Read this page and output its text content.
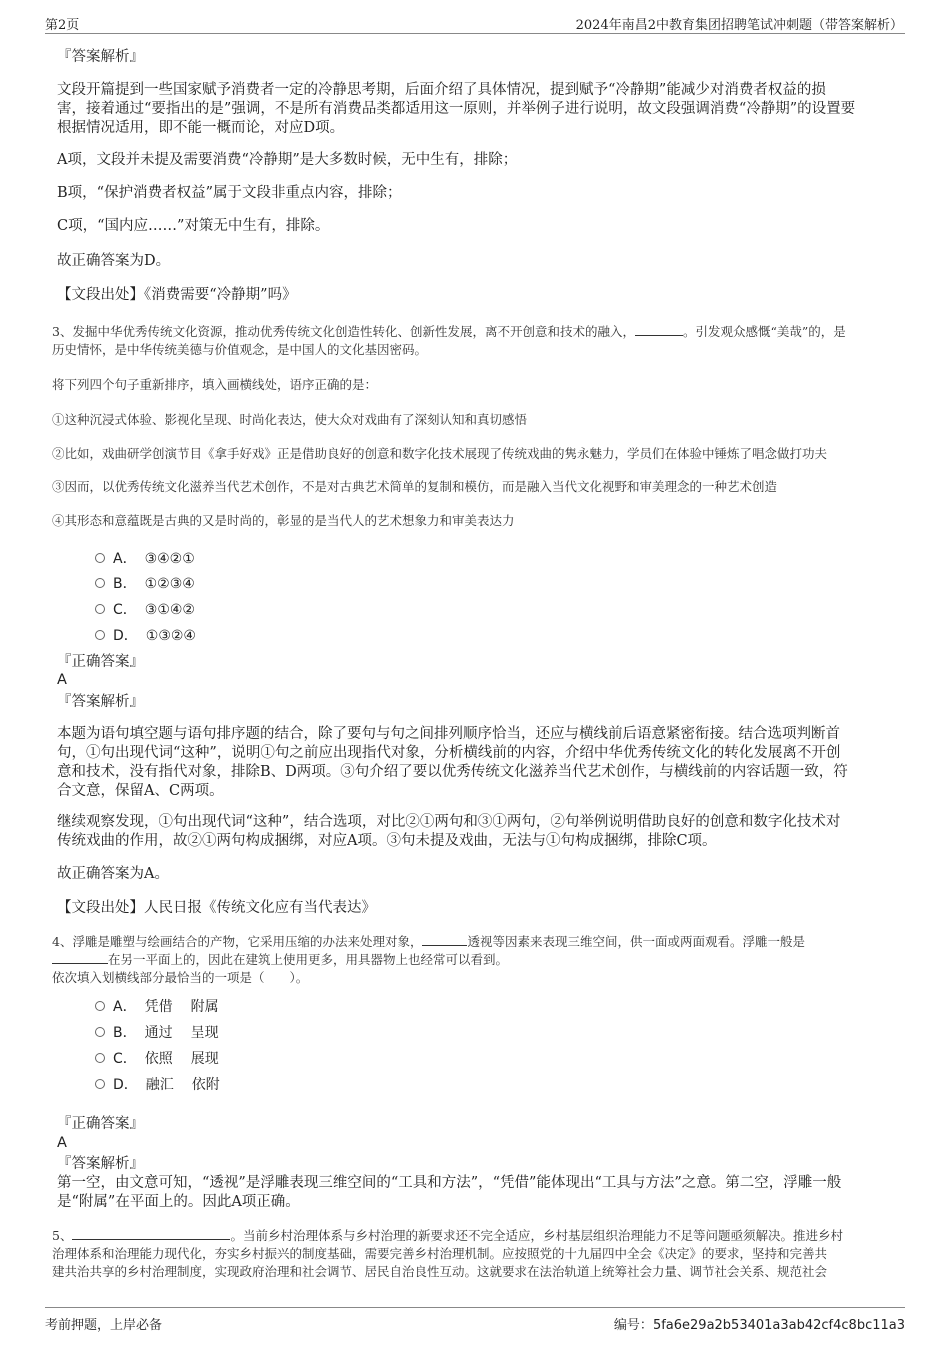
第2页	2024年南昌2中教育集团招聘笔试冲刺题（带答案解析）
『答案解析』
文段开篇提到一些国家赋予消费者一定的冷静思考期，后面介绍了具体情况，提到赋予“冷静期”能减少对消费者权益的损
害，接着通过“要指出的是”强调，不是所有消费品类都适用这一原则，并举例子进行说明，故文段强调消费“冷静期”的设置要
根据情况适用，即不能一概而论，对应D项。
A项，文段并未提及需要消费“冷静期”是大多数时候，无中生有，排除；
B项，“保护消费者权益”属于文段非重点内容，排除；
C项，“国内应……”对策无中生有，排除。
故正确答案为D。
【文段出处】《消费需要“冷静期”吗》
3、发掘中华优秀传统文化资源，推动优秀传统文化创造性转化、创新性发展，离不开创意和技术的融入，	。引发观众感慨“美哉”的，是
历史情怀，是中华传统美德与价值观念，是中国人的文化基因密码。
将下列四个句子重新排序，填入画横线处，语序正确的是：
①这种沉浸式体验、影视化呈现、时尚化表达，使大众对戏曲有了深刻认知和真切感悟
②比如，戏曲研学创演节目《拿手好戏》正是借助良好的创意和数字化技术展现了传统戏曲的隽永魅力，学员们在体验中锤炼了唱念做打功夫
③因而，以优秀传统文化滋养当代艺术创作，不是对古典艺术简单的复制和模仿，而是融入当代文化视野和审美理念的一种艺术创造
④其形态和意蕴既是古典的又是时尚的，彰显的是当代人的艺术想象力和审美表达力
A． ③④②①
B． ①②③④
C． ③①④②
D． ①③②④
『正确答案』
A
『答案解析』
本题为语句填空题与语句排序题的结合，除了要句与句之间排列顺序恰当，还应与横线前后语意紧密衔接。结合选项判断首
句，①句出现代词“这种”，说明①句之前应出现指代对象，分析横线前的内容，介绍中华优秀传统文化的转化发展离不开创
意和技术，没有指代对象，排除B、D两项。③句介绍了要以优秀传统文化滋养当代艺术创作，与横线前的内容话题一致，符
合文意，保留A、C两项。
继续观察发现，①句出现代词“这种”，结合选项，对比②①两句和③①两句，②句举例说明借助良好的创意和数字化技术对
传统戏曲的作用，故②①两句构成捆绑，对应A项。③句未提及戏曲，无法与①句构成捆绑，排除C项。
故正确答案为A。
【文段出处】人民日报《传统文化应有当代表达》
4、浮雕是雕塑与绘画结合的产物，它采用压缩的办法来处理对象，	透视等因素来表现三维空间，供一面或两面观看。浮雕一般是
在另一平面上的，因此在建筑上使用更多，用具器物上也经常可以看到。
依次填入划横线部分最恰当的一项是（　　）。
A． 凭借 附属
B． 通过 呈现
C． 依照 展现
D． 融汇 依附
『正确答案』
A
『答案解析』
第一空，由文意可知，“透视”是浮雕表现三维空间的“工具和方法”，“凭借”能体现出“工具与方法”之意。第二空，浮雕一般
是“附属”在平面上的。因此A项正确。
5、	。当前乡村治理体系与乡村治理的新要求还不完全适应，乡村基层组织治理能力不足等问题亟须解决。推进乡村
治理体系和治理能力现代化，夯实乡村振兴的制度基础，需要完善乡村治理机制。应按照党的十九届四中全会《决定》的要求，坚持和完善共
建共治共享的乡村治理制度，实现政府治理和社会调节、居民自治良性互动。这就要求在法治轨道上统筹社会力量、调节社会关系、规范社会
考前押题，上岸必备	编号：5fa6e29a2b53401a3ab42cf4c8bc11a3
